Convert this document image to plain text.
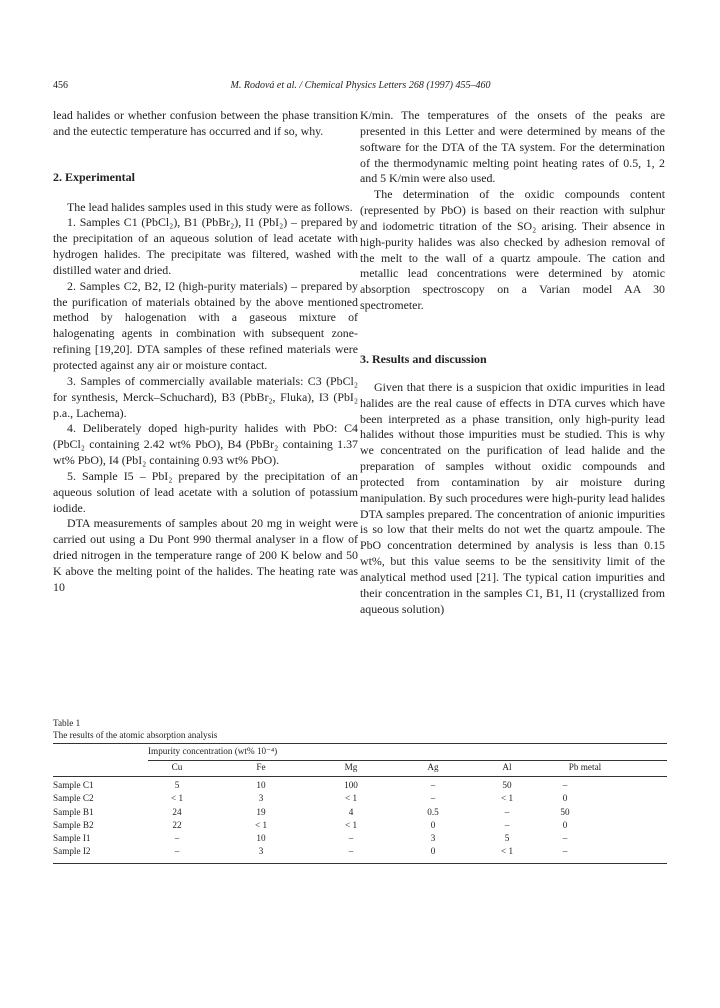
456	M. Rodová et al. / Chemical Physics Letters 268 (1997) 455–460

lead halides or whether confusion between the phase transition and the eutectic temperature has occurred and if so, why.

2. Experimental

The lead halides samples used in this study were as follows.

1. Samples C1 (PbCl₂), B1 (PbBr₂), I1 (PbI₂) – prepared by the precipitation of an aqueous solution of lead acetate with hydrogen halides. The precipitate was filtered, washed with distilled water and dried.

2. Samples C2, B2, I2 (high-purity materials) – prepared by the purification of materials obtained by the above mentioned method by halogenation with a gaseous mixture of halogenating agents in combination with subsequent zone-refining [19,20]. DTA samples of these refined materials were protected against any air or moisture contact.

3. Samples of commercially available materials: C3 (PbCl₂ for synthesis, Merck–Schuchard), B3 (PbBr₂, Fluka), I3 (PbI₂ p.a., Lachema).

4. Deliberately doped high-purity halides with PbO: C4 (PbCl₂ containing 2.42 wt% PbO), B4 (PbBr₂ containing 1.37 wt% PbO), I4 (PbI₂ containing 0.93 wt% PbO).

5. Sample I5 – PbI₂ prepared by the precipitation of an aqueous solution of lead acetate with a solution of potassium iodide.

DTA measurements of samples about 20 mg in weight were carried out using a Du Pont 990 thermal analyser in a flow of dried nitrogen in the temperature range of 200 K below and 50 K above the melting point of the halides. The heating rate was 10

K/min. The temperatures of the onsets of the peaks are presented in this Letter and were determined by means of the software for the DTA of the TA system. For the determination of the thermodynamic melting point heating rates of 0.5, 1, 2 and 5 K/min were also used.

The determination of the oxidic compounds content (represented by PbO) is based on their reaction with sulphur and iodometric titration of the SO₂ arising. Their absence in high-purity halides was also checked by adhesion removal of the melt to the wall of a quartz ampoule. The cation and metallic lead concentrations were determined by atomic absorption spectroscopy on a Varian model AA 30 spectrometer.

3. Results and discussion

Given that there is a suspicion that oxidic impurities in lead halides are the real cause of effects in DTA curves which have been interpreted as a phase transition, only high-purity lead halides without those impurities must be studied. This is why we concentrated on the purification of lead halide and the preparation of samples without oxidic compounds and protected from contamination by air moisture during manipulation. By such procedures were high-purity lead halides DTA samples prepared. The concentration of anionic impurities is so low that their melts do not wet the quartz ampoule. The PbO concentration determined by analysis is less than 0.15 wt%, but this value seems to be the sensitivity limit of the analytical method used [21]. The typical cation impurities and their concentration in the samples C1, B1, I1 (crystallized from aqueous solution)

Table 1
The results of the atomic absorption analysis
Impurity concentration (wt% 10⁻⁴)
Cu	Fe	Mg	Ag	Al	Pb metal
Sample C1	5	10	100	–	50	–
Sample C2	< 1	3	< 1	–	< 1	0
Sample B1	24	19	4	0.5	–	50
Sample B2	22	< 1	< 1	0	–	0
Sample I1	–	10	–	3	5	–
Sample I2	–	3	–	0	< 1	–
